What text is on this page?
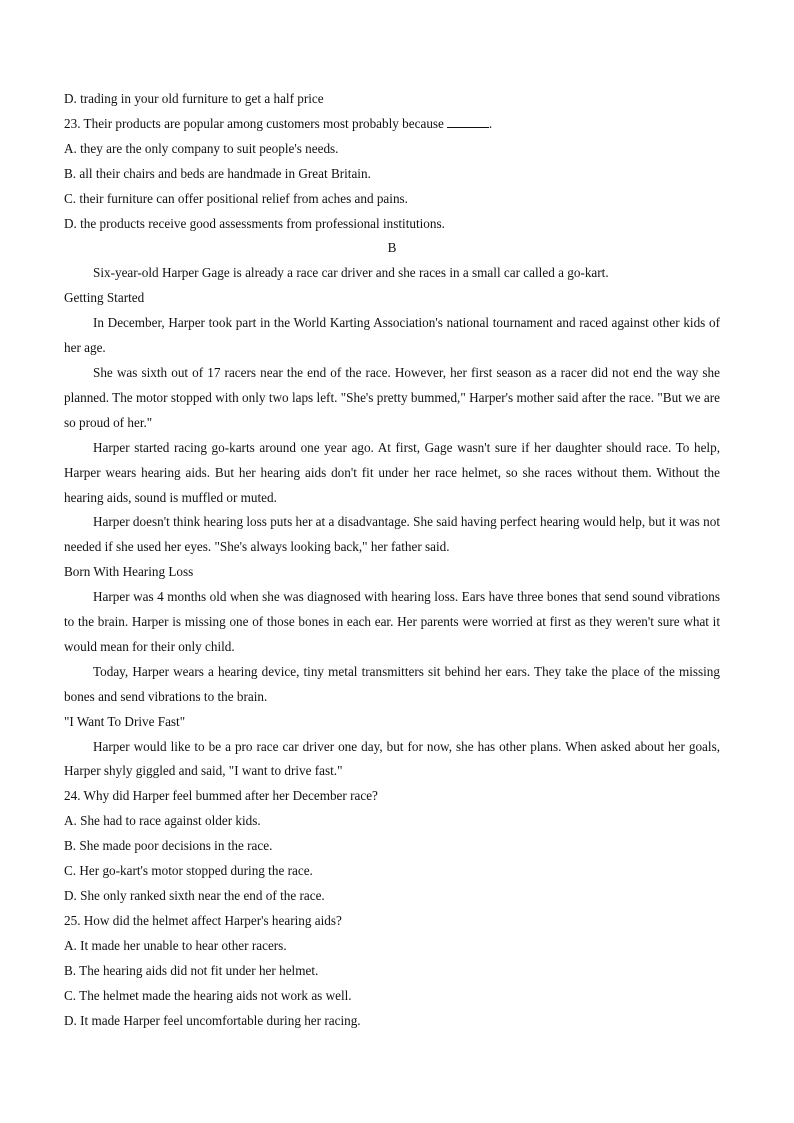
D. trading in your old furniture to get a half price
23. Their products are popular among customers most probably because	.
A. they are the only company to suit people's needs.
B. all their chairs and beds are handmade in Great Britain.
C. their furniture can offer positional relief from aches and pains.
D. the products receive good assessments from professional institutions.
B
Six-year-old Harper Gage is already a race car driver and she races in a small car called a go-kart.
Getting Started
In December, Harper took part in the World Karting Association's national tournament and raced against other kids of her age.
She was sixth out of 17 racers near the end of the race. However, her first season as a racer did not end the way she planned. The motor stopped with only two laps left. "She's pretty bummed," Harper's mother said after the race. "But we are so proud of her."
Harper started racing go-karts around one year ago. At first, Gage wasn't sure if her daughter should race. To help, Harper wears hearing aids. But her hearing aids don't fit under her race helmet, so she races without them. Without the hearing aids, sound is muffled or muted.
Harper doesn't think hearing loss puts her at a disadvantage. She said having perfect hearing would help, but it was not needed if she used her eyes. "She's always looking back," her father said.
Born With Hearing Loss
Harper was 4 months old when she was diagnosed with hearing loss. Ears have three bones that send sound vibrations to the brain. Harper is missing one of those bones in each ear. Her parents were worried at first as they weren't sure what it would mean for their only child.
Today, Harper wears a hearing device, tiny metal transmitters sit behind her ears. They take the place of the missing bones and send vibrations to the brain.
"I Want To Drive Fast"
Harper would like to be a pro race car driver one day, but for now, she has other plans. When asked about her goals, Harper shyly giggled and said, "I want to drive fast."
24. Why did Harper feel bummed after her December race?
A. She had to race against older kids.
B. She made poor decisions in the race.
C. Her go-kart's motor stopped during the race.
D. She only ranked sixth near the end of the race.
25. How did the helmet affect Harper's hearing aids?
A. It made her unable to hear other racers.
B. The hearing aids did not fit under her helmet.
C. The helmet made the hearing aids not work as well.
D. It made Harper feel uncomfortable during her racing.
